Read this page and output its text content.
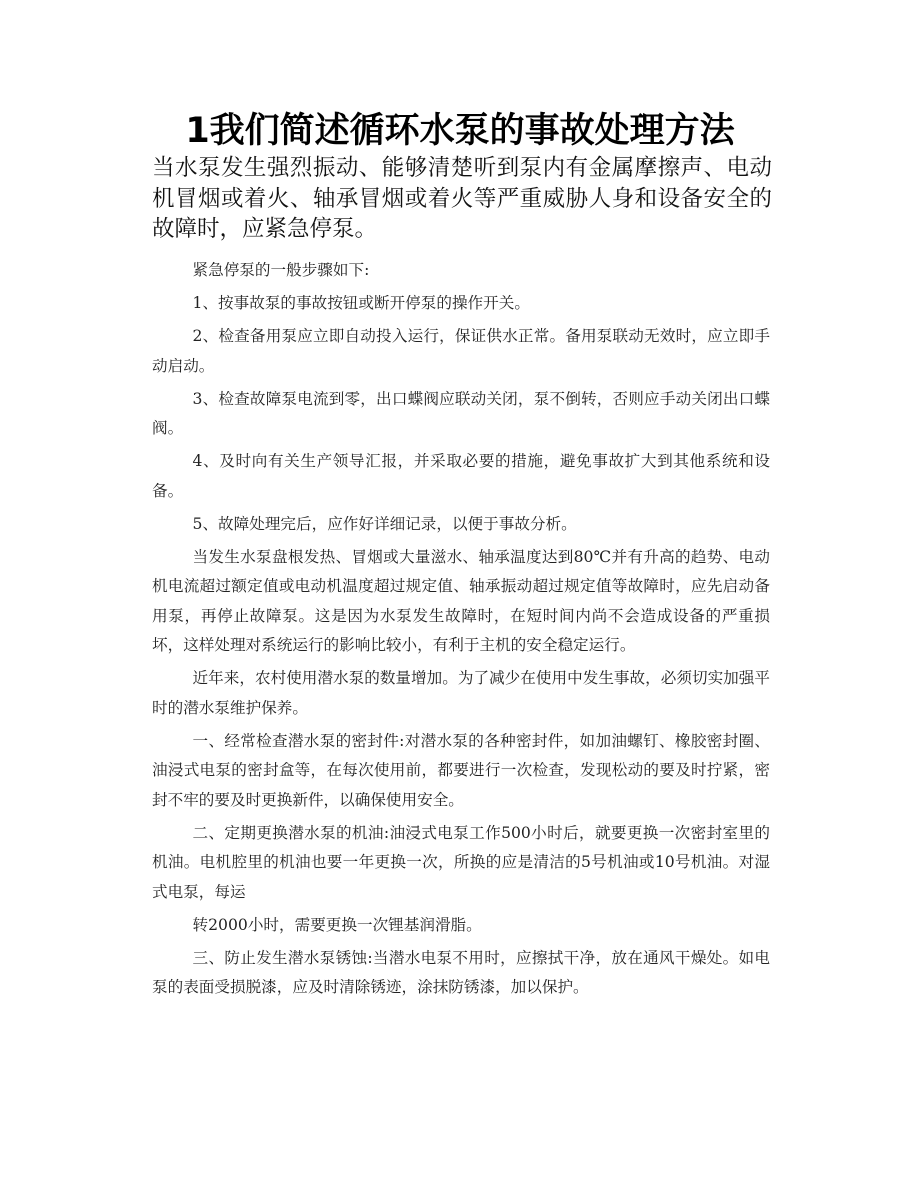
1我们简述循环水泵的事故处理方法
当水泵发生强烈振动、能够清楚听到泵内有金属摩擦声、电动机冒烟或着火、轴承冒烟或着火等严重威胁人身和设备安全的故障时，应紧急停泵。

紧急停泵的一般步骤如下:

1、按事故泵的事故按钮或断开停泵的操作开关。

2、检查备用泵应立即自动投入运行，保证供水正常。备用泵联动无效时，应立即手动启动。

3、检查故障泵电流到零，出口蝶阀应联动关闭，泵不倒转，否则应手动关闭出口蝶阀。

4、及时向有关生产领导汇报，并采取必要的措施，避免事故扩大到其他系统和设备。

5、故障处理完后，应作好详细记录，以便于事故分析。

当发生水泵盘根发热、冒烟或大量滋水、轴承温度达到80℃并有升高的趋势、电动机电流超过额定值或电动机温度超过规定值、轴承振动超过规定值等故障时，应先启动备用泵，再停止故障泵。这是因为水泵发生故障时，在短时间内尚不会造成设备的严重损坏，这样处理对系统运行的影响比较小，有利于主机的安全稳定运行。

近年来，农村使用潜水泵的数量增加。为了减少在使用中发生事故，必须切实加强平时的潜水泵维护保养。

一、经常检查潜水泵的密封件:对潜水泵的各种密封件，如加油螺钉、橡胶密封圈、油浸式电泵的密封盒等，在每次使用前，都要进行一次检查，发现松动的要及时拧紧，密封不牢的要及时更换新件，以确保使用安全。

二、定期更换潜水泵的机油:油浸式电泵工作500小时后，就要更换一次密封室里的机油。电机腔里的机油也要一年更换一次，所换的应是清洁的5号机油或10号机油。对湿式电泵，每运

转2000小时，需要更换一次锂基润滑脂。

三、防止发生潜水泵锈蚀:当潜水电泵不用时，应擦拭干净，放在通风干燥处。如电泵的表面受损脱漆，应及时清除锈迹，涂抹防锈漆，加以保护。
